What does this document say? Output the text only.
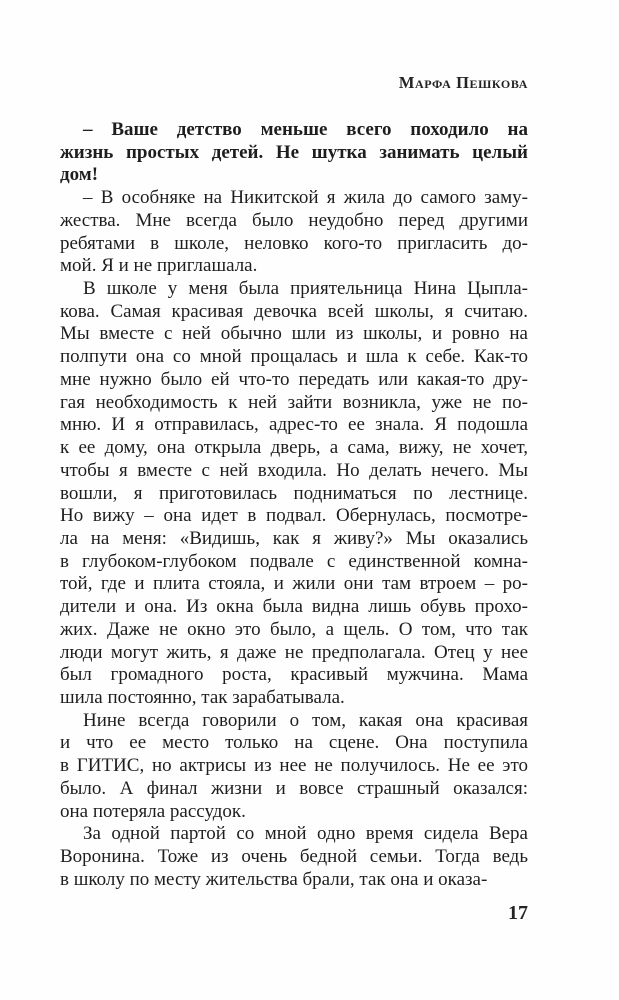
Марфа Пешкова
– Ваше детство меньше всего походило на
жизнь простых детей. Не шутка занимать целый
дом!
– В особняке на Никитской я жила до самого заму-
жества. Мне всегда было неудобно перед другими
ребятами в школе, неловко кого-то пригласить до-
мой. Я и не приглашала.
В школе у меня была приятельница Нина Цыпла-
кова. Самая красивая девочка всей школы, я считаю.
Мы вместе с ней обычно шли из школы, и ровно на
полпути она со мной прощалась и шла к себе. Как-то
мне нужно было ей что-то передать или какая-то дру-
гая необходимость к ней зайти возникла, уже не по-
мню. И я отправилась, адрес-то ее знала. Я подошла
к ее дому, она открыла дверь, а сама, вижу, не хочет,
чтобы я вместе с ней входила. Но делать нечего. Мы
вошли, я приготовилась подниматься по лестнице.
Но вижу – она идет в подвал. Обернулась, посмотре-
ла на меня: «Видишь, как я живу?» Мы оказались
в глубоком-глубоком подвале с единственной комна-
той, где и плита стояла, и жили они там втроем – ро-
дители и она. Из окна была видна лишь обувь прохо-
жих. Даже не окно это было, а щель. О том, что так
люди могут жить, я даже не предполагала. Отец у нее
был громадного роста, красивый мужчина. Мама
шила постоянно, так зарабатывала.
Нине всегда говорили о том, какая она красивая
и что ее место только на сцене. Она поступила
в ГИТИС, но актрисы из нее не получилось. Не ее это
было. А финал жизни и вовсе страшный оказался:
она потеряла рассудок.
За одной партой со мной одно время сидела Вера
Воронина. Тоже из очень бедной семьи. Тогда ведь
в школу по месту жительства брали, так она и оказа-
17
